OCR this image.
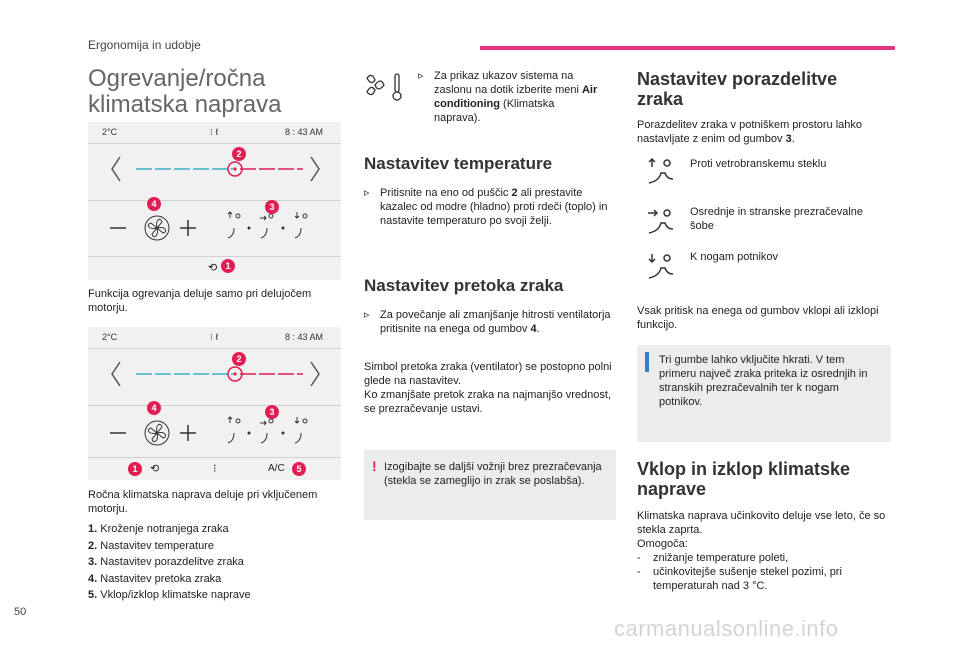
Ergonomija in udobje
Ogrevanje/ročna
klimatska naprava
2°C	⁝ ℓ	8 : 43 AM
⟲
2
4	3
1

Funkcija ogrevanja deluje samo pri delujočem motorju.

2°C	⁝ ℓ	8 : 43 AM
⟲	⁝	A/C
2
4	3
1	5

Ročna klimatska naprava deluje pri vključenem motorju.

1. Kroženje notranjega zraka
2. Nastavitev temperature
3. Nastavitev porazdelitve zraka
4. Nastavitev pretoka zraka
5. Vklop/izklop klimatske naprave
▹ Za prikaz ukazov sistema na zaslonu na dotik izberite meni Air conditioning (Klimatska naprava).
Nastavitev temperature
▹ Pritisnite na eno od puščic 2 ali prestavite kazalec od modre (hladno) proti rdeči (toplo) in nastavite temperaturo po svoji želji.
Nastavitev pretoka zraka
▹ Za povečanje ali zmanjšanje hitrosti ventilatorja pritisnite na enega od gumbov 4.

Simbol pretoka zraka (ventilator) se postopno polni glede na nastavitev.

Ko zmanjšate pretok zraka na najmanjšo vrednost, se prezračevanje ustavi.

! Izogibajte se daljši vožnji brez prezračevanja (stekla se zameglijo in zrak se poslabša).

Nastavitev porazdelitve
zraka

Porazdelitev zraka v potniškem prostoru lahko nastavljate z enim od gumbov 3.

Proti vetrobranskemu steklu

Osrednje in stranske prezračevalne šobe

K nogam potnikov

Vsak pritisk na enega od gumbov vklopi ali izklopi funkcijo.

Tri gumbe lahko vključite hkrati. V tem primeru največ zraka priteka iz osrednjih in stranskih prezračevalnih ter k nogam potnikov.

Vklop in izklop klimatske
naprave

Klimatska naprava učinkovito deluje vse leto, če so stekla zaprta.

Omogoča:

-	znižanje temperature poleti,
-	učinkovitejše sušenje stekel pozimi, pri temperaturah nad 3 °C.
50
carmanualsonline.info
